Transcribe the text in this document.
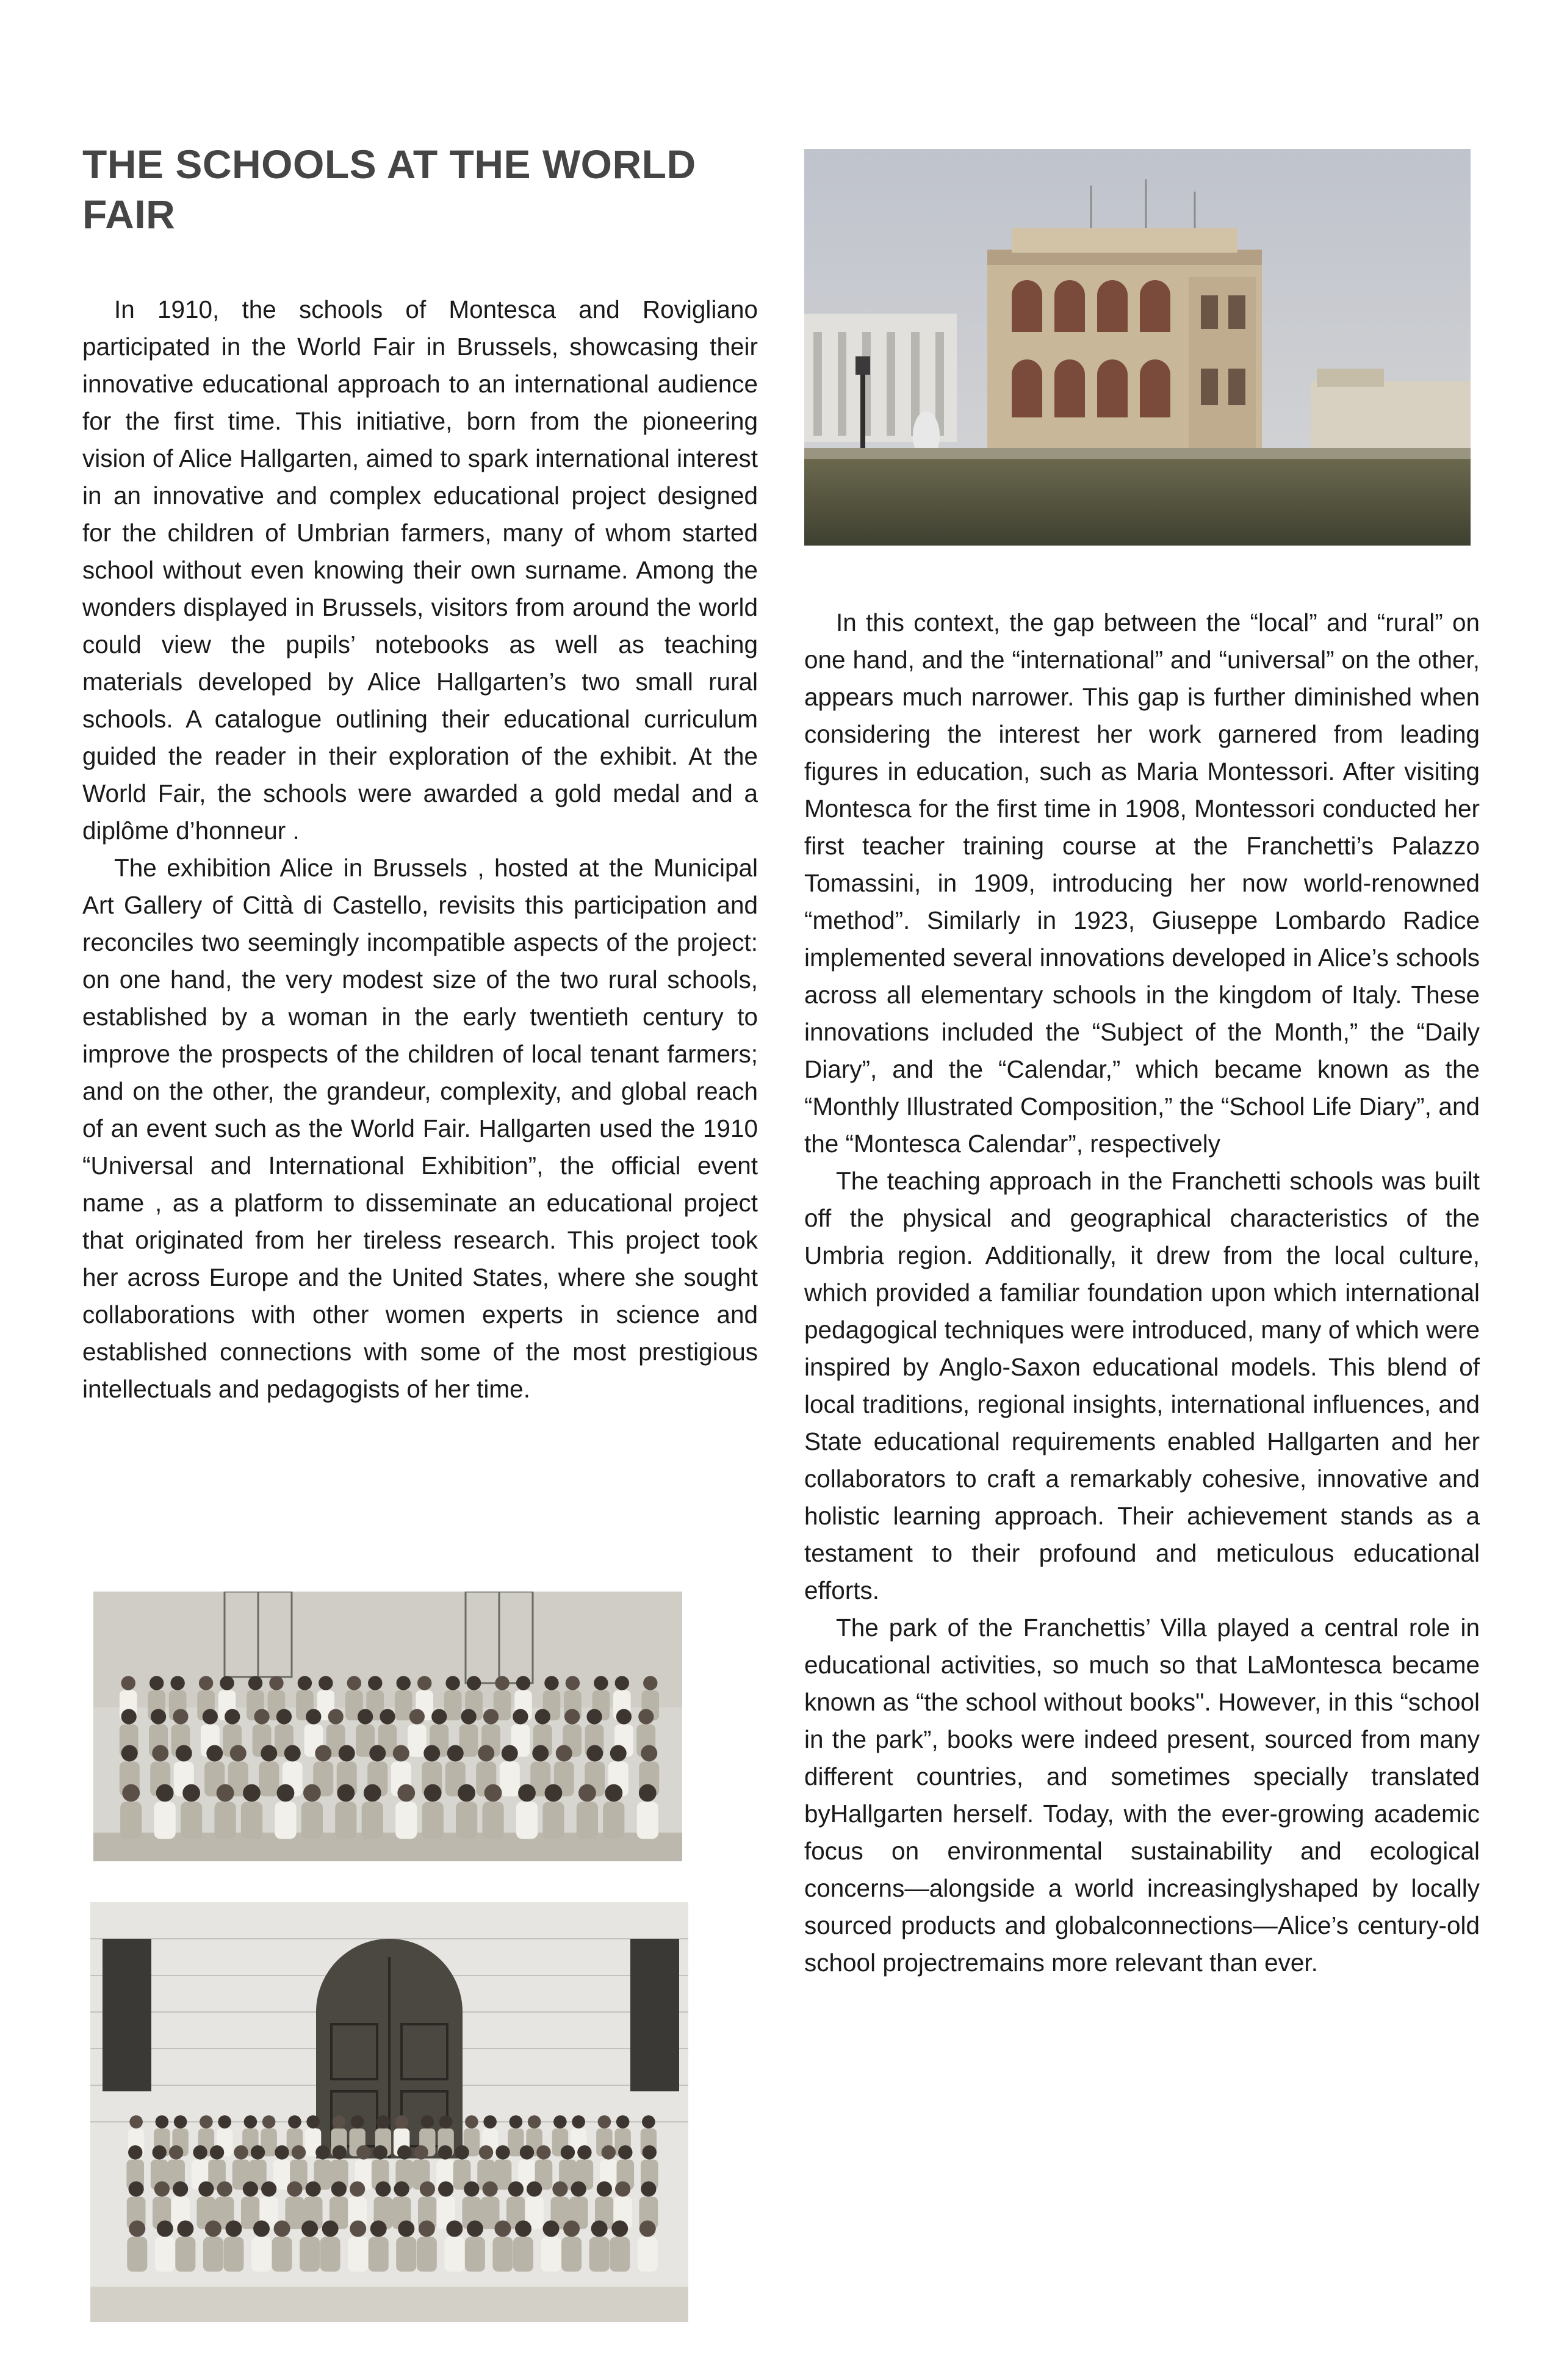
THE SCHOOLS AT THE WORLD FAIR

In 1910, the schools of Montesca and Rovigliano participated in the World Fair in Brussels, showcasing their innovative educational approach to an international audience for the first time. This initiative, born from the pioneering vision of Alice Hallgarten, aimed to spark international interest in an innovative and complex educational project designed for the children of Umbrian farmers, many of whom started school without even knowing their own surname. Among the wonders displayed in Brussels, visitors from around the world could view the pupils’ notebooks as well as teaching materials developed by Alice Hallgarten’s two small rural schools. A catalogue outlining their educational curriculum guided the reader in their exploration of the exhibit. At the World Fair, the schools were awarded a gold medal and a diplôme d’honneur .

The exhibition Alice in Brussels , hosted at the Municipal Art Gallery of Città di Castello, revisits this participation and reconciles two seemingly incompatible aspects of the project: on one hand, the very modest size of the two rural schools, established by a woman in the early twentieth century to improve the prospects of the children of local tenant farmers; and on the other, the grandeur, complexity, and global reach of an event such as the World Fair. Hallgarten used the 1910 “Universal and International Exhibition”, the official event name , as a platform to disseminate an educational project that originated from her tireless research. This project took her across Europe and the United States, where she sought collaborations with other women experts in science and established connections with some of the most prestigious intellectuals and pedagogists of her time.

In this context, the gap between the “local” and “rural” on one hand, and the “international” and “universal” on the other, appears much narrower. This gap is further diminished when considering the interest her work garnered from leading figures in education, such as Maria Montessori. After visiting Montesca for the first time in 1908, Montessori conducted her first teacher training course at the Franchetti’s Palazzo Tomassini, in 1909, introducing her now world-renowned “method”. Similarly in 1923, Giuseppe Lombardo Radice implemented several innovations developed in Alice’s schools across all elementary schools in the kingdom of Italy. These innovations included the “Subject of the Month,” the “Daily Diary”, and the “Calendar,” which became known as the “Monthly Illustrated Composition,” the “School Life Diary”, and the “Montesca Calendar”, respectively

The teaching approach in the Franchetti schools was built off the physical and geographical characteristics of the Umbria region. Additionally, it drew from the local culture, which provided a familiar foundation upon which international pedagogical techniques were introduced, many of which were inspired by Anglo-Saxon educational models. This blend of local traditions, regional insights, international influences, and State educational requirements enabled Hallgarten and her collaborators to craft a remarkably cohesive, innovative and holistic learning approach. Their achievement stands as a testament to their profound and meticulous educational efforts.

The park of the Franchettis’ Villa played a central role in educational activities, so much so that LaMontesca became known as “the school without books". However, in this “school in the park”, books were indeed present, sourced from many different countries, and sometimes specially translated byHallgarten herself. Today, with the ever-growing academic focus on environmental sustainability and ecological concerns—alongside a world increasinglyshaped by locally sourced products and globalconnections—Alice’s century-old school projectremains more relevant than ever.
